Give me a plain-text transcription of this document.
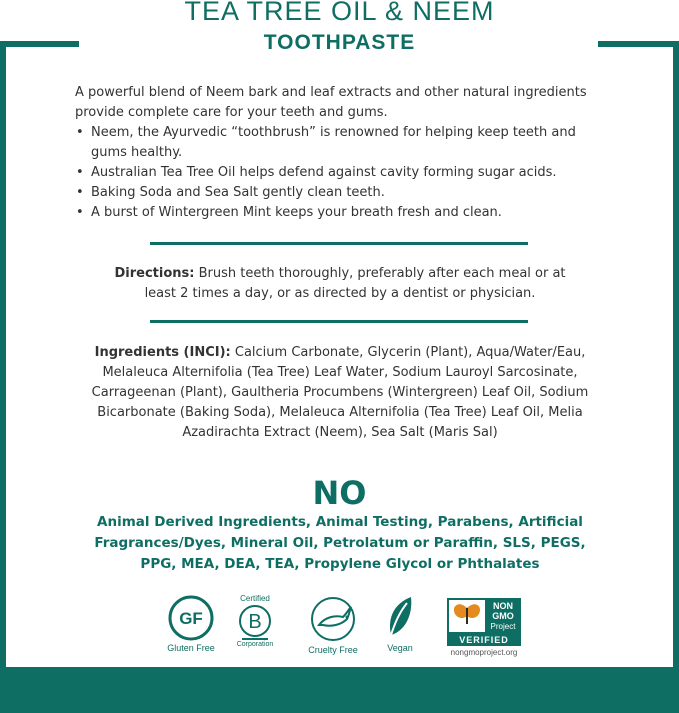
TEA TREE OIL & NEEM
TOOTHPASTE

A powerful blend of Neem bark and leaf extracts and other natural ingredients provide complete care for your teeth and gums.

• Neem, the Ayurvedic “toothbrush” is renowned for helping keep teeth and gums healthy.
• Australian Tea Tree Oil helps defend against cavity forming sugar acids.
• Baking Soda and Sea Salt gently clean teeth.
• A burst of Wintergreen Mint keeps your breath fresh and clean.
Directions: Brush teeth thoroughly, preferably after each meal or at least 2 times a day, or as directed by a dentist or physician.
Ingredients (INCI): Calcium Carbonate, Glycerin (Plant), Aqua/Water/Eau, Melaleuca Alternifolia (Tea Tree) Leaf Water, Sodium Lauroyl Sarcosinate, Carrageenan (Plant), Gaultheria Procumbens (Wintergreen) Leaf Oil, Sodium Bicarbonate (Baking Soda), Melaleuca Alternifolia (Tea Tree) Leaf Oil, Melia Azadirachta Extract (Neem), Sea Salt (Maris Sal)
NO
Animal Derived Ingredients, Animal Testing, Parabens, Artificial Fragrances/Dyes, Mineral Oil, Petrolatum or Paraffin, SLS, PEGS, PPG, MEA, DEA, TEA, Propylene Glycol or Phthalates
GF
Gluten Free
Certified
B
Corporation
Cruelty Free	Vegan
NON
GMO
Project
VERIFIED
nongmoproject.org
